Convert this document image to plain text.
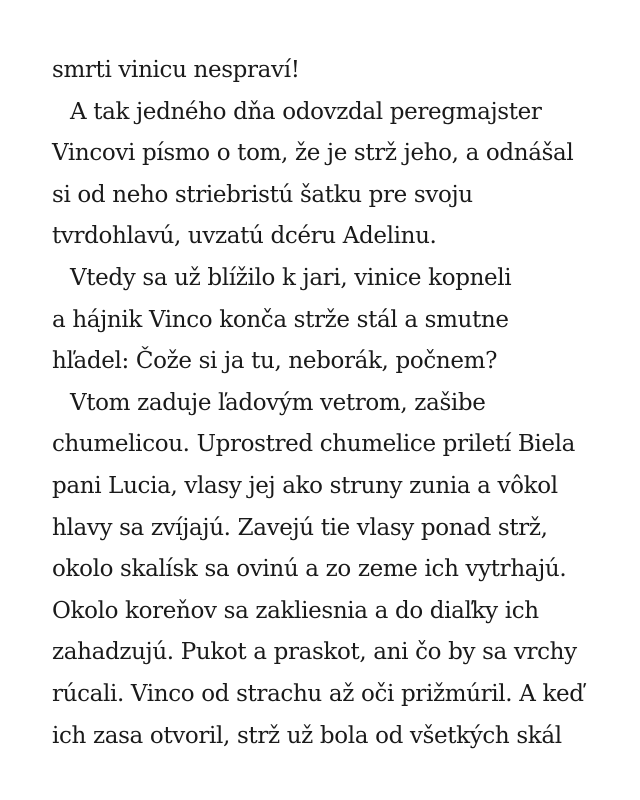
smrti vinicu nespraví!
A tak jedného dňa odovzdal peregmajster
Vincovi písmo o tom, že je strž jeho, a odnášal
si od neho striebristú šatku pre svoju
tvrdohlavú, uvzatú dcéru Adelinu.
Vtedy sa už blížilo k jari, vinice kopneli
a hájnik Vinco konča strže stál a smutne
hľadel: Čože si ja tu, neborák, počnem?
Vtom zaduje ľadovým vetrom, zašibe
chumelicou. Uprostred chumelice priletí Biela
pani Lucia, vlasy jej ako struny zunia a vôkol
hlavy sa zvíjajú. Zavejú tie vlasy ponad strž,
okolo skalísk sa ovinú a zo zeme ich vytrhajú.
Okolo koreňov sa zakliesnia a do diaľky ich
zahadzujú. Pukot a praskot, ani čo by sa vrchy
rúcali. Vinco od strachu až oči prižmúril. A keď
ich zasa otvoril, strž už bola od všetkých skál
